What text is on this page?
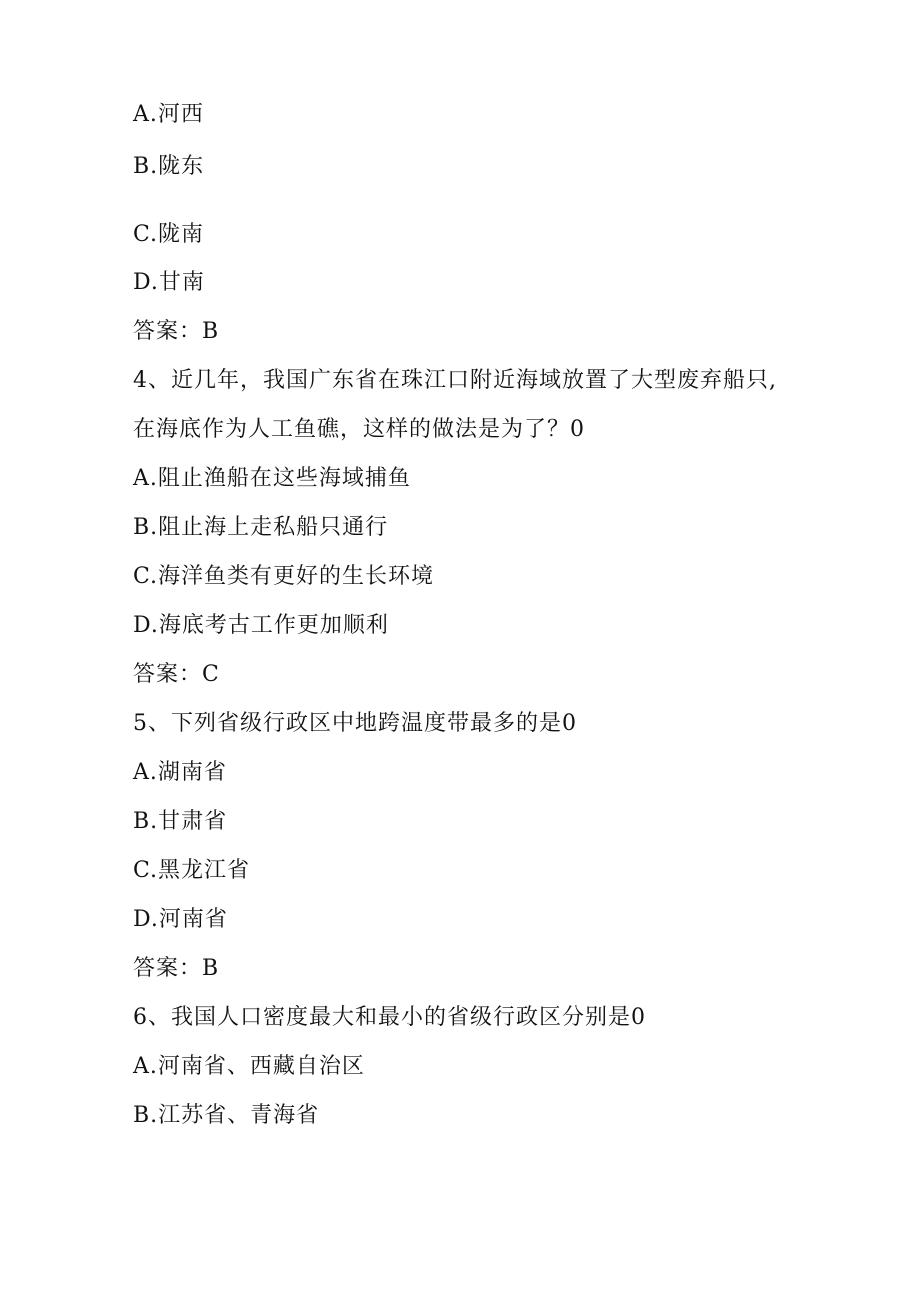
A.河西
B.陇东
C.陇南
D.甘南
答案：B
4、近几年，我国广东省在珠江口附近海域放置了大型废弃船只,
在海底作为人工鱼礁，这样的做法是为了？0
A.阻止渔船在这些海域捕鱼
B.阻止海上走私船只通行
C.海洋鱼类有更好的生长环境
D.海底考古工作更加顺利
答案：C
5、下列省级行政区中地跨温度带最多的是0
A.湖南省
B.甘肃省
C.黑龙江省
D.河南省
答案：B
6、我国人口密度最大和最小的省级行政区分别是0
A.河南省、西藏自治区
B.江苏省、青海省
